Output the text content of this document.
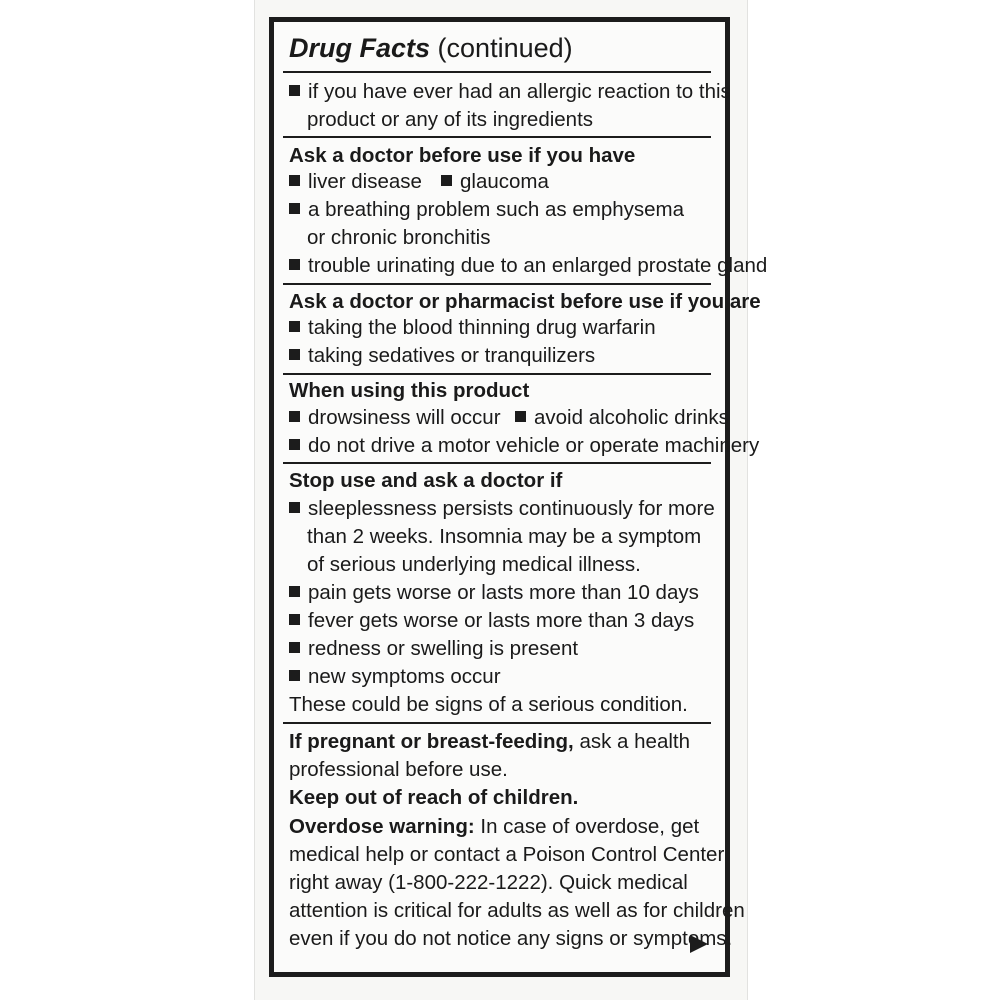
Drug Facts (continued)
if you have ever had an allergic reaction to this
product or any of its ingredients
Ask a doctor before use if you have
liver disease	glaucoma
a breathing problem such as emphysema
or chronic bronchitis
trouble urinating due to an enlarged prostate gland
Ask a doctor or pharmacist before use if you are
taking the blood thinning drug warfarin
taking sedatives or tranquilizers
When using this product
drowsiness will occur	avoid alcoholic drinks
do not drive a motor vehicle or operate machinery
Stop use and ask a doctor if
sleeplessness persists continuously for more
than 2 weeks. Insomnia may be a symptom
of serious underlying medical illness.
pain gets worse or lasts more than 10 days
fever gets worse or lasts more than 3 days
redness or swelling is present
new symptoms occur
These could be signs of a serious condition.
If pregnant or breast-feeding, ask a health
professional before use.
Keep out of reach of children.
Overdose warning: In case of overdose, get
medical help or contact a Poison Control Center
right away (1-800-222-1222). Quick medical
attention is critical for adults as well as for children
even if you do not notice any signs or symptoms.
